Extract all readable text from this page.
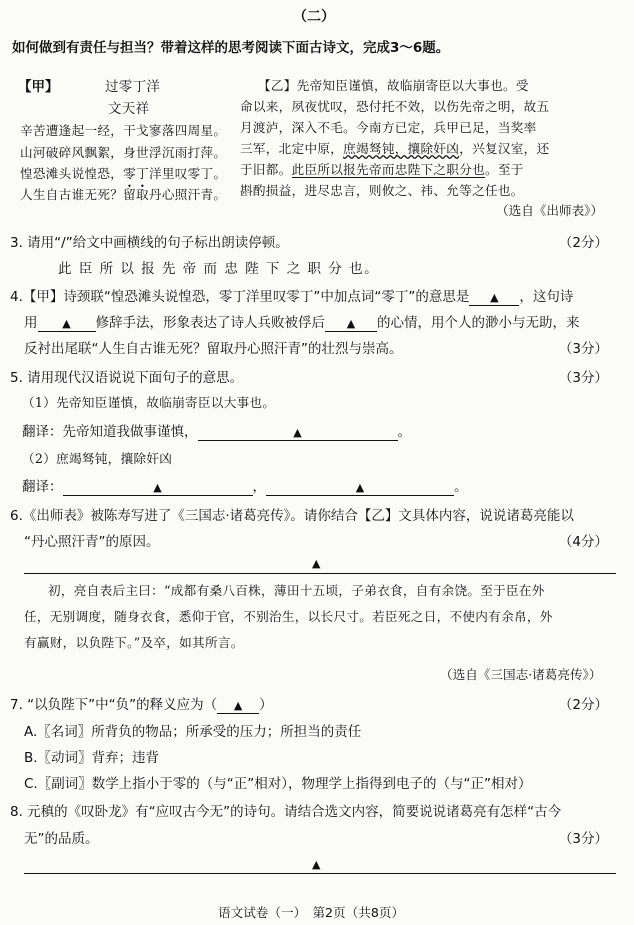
（二）
如何做到有责任与担当？带着这样的思考阅读下面古诗文，完成3～6题。
【甲】	过零丁洋
文天祥
辛苦遭逢起一经，干戈寥落四周星。
山河破碎风飘絮，身世浮沉雨打萍。
惶恐滩头说惶恐，零丁洋里叹零丁。
人生自古谁无死？留取丹心照汗青。
【乙】先帝知臣谨慎，故临崩寄臣以大事也。受
命以来，夙夜忧叹，恐付托不效，以伤先帝之明，故五
月渡泸，深入不毛。今南方已定，兵甲已足，当奖率
三军，北定中原，庶竭驽钝，攘除奸凶，兴复汉室，还
于旧都。此臣所以报先帝而忠陛下之职分也。至于
斟酌损益，进尽忠言，则攸之、祎、允等之任也。
（选自《出师表》）
3. 请用“/”给文中画横线的句子标出朗读停顿。	（2分）
此 臣 所 以 报 先 帝 而 忠 陛 下 之 职 分 也。
4.【甲】诗颈联“惶恐滩头说惶恐，零丁洋里叹零丁”中加点词“零丁”的意思是 ▲ ，这句诗
用 ▲ 修辞手法，形象表达了诗人兵败被俘后 ▲ 的心情，用个人的渺小与无助，来
反衬出尾联“人生自古谁无死？留取丹心照汗青”的壮烈与崇高。	（3分）
5. 请用现代汉语说说下面句子的意思。	（3分）
（1）先帝知臣谨慎，故临崩寄臣以大事也。
翻译：先帝知道我做事谨慎，	▲	。
（2）庶竭驽钝，攘除奸凶
翻译：	▲	，	▲	。
6.《出师表》被陈寿写进了《三国志·诸葛亮传》。请你结合【乙】文具体内容，说说诸葛亮能以
“丹心照汗青”的原因。	（4分）
▲
初，亮自表后主曰：“成都有桑八百株，薄田十五顷，子弟衣食，自有余饶。至于臣在外
任，无别调度，随身衣食，悉仰于官，不别治生，以长尺寸。若臣死之日，不使内有余帛，外
有赢财，以负陛下。”及卒，如其所言。
（选自《三国志·诸葛亮传》）
7. “以负陛下”中“负”的释义应为（ ▲ ）	（2分）
A.〖名词〗所背负的物品；所承受的压力；所担当的责任
B.〖动词〗背弃；违背
C.〖副词〗数学上指小于零的（与“正”相对），物理学上指得到电子的（与“正”相对）
8. 元稹的《叹卧龙》有“应叹古今无”的诗句。请结合选文内容，简要说说诸葛亮有怎样“古今
无”的品质。	（3分）
▲
语文试卷（一）　第2页（共8页）
